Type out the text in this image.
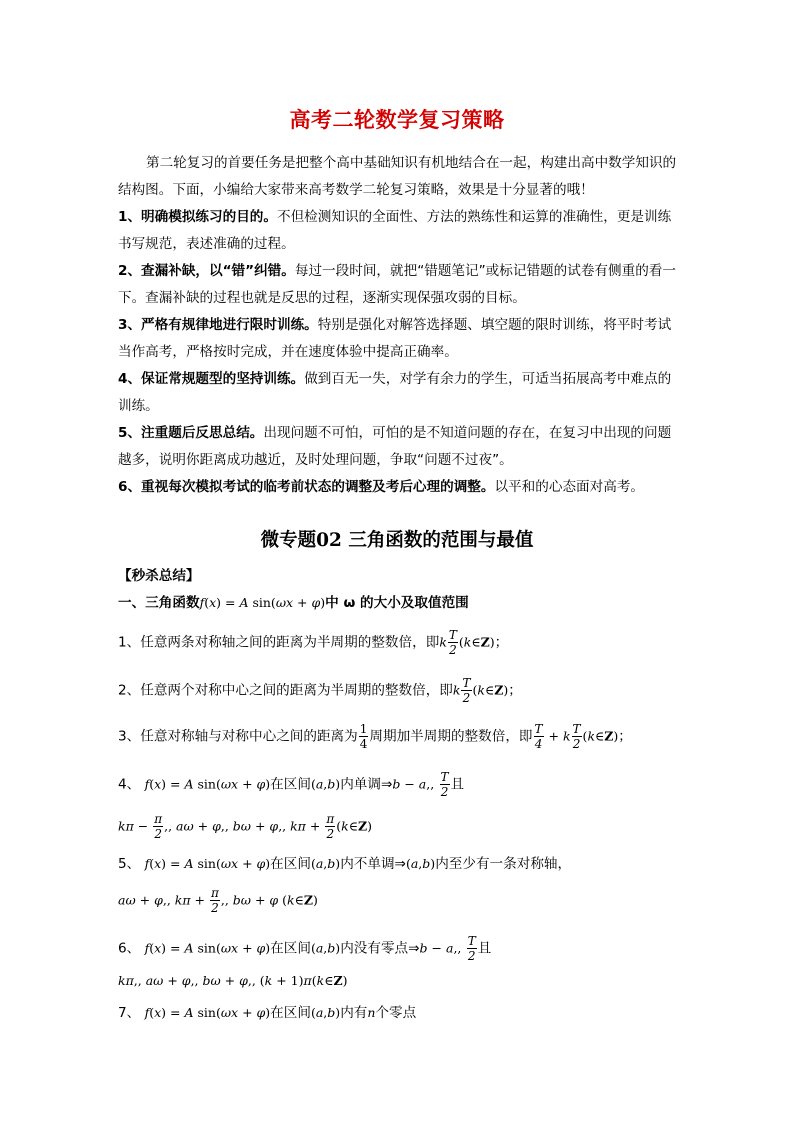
高考二轮数学复习策略
第二轮复习的首要任务是把整个高中基础知识有机地结合在一起，构建出高中数学知识的结构图。下面，小编给大家带来高考数学二轮复习策略，效果是十分显著的哦！
1、明确模拟练习的目的。不但检测知识的全面性、方法的熟练性和运算的准确性，更是训练书写规范，表述准确的过程。
2、查漏补缺，以“错”纠错。每过一段时间，就把“错题笔记”或标记错题的试卷有侧重的看一下。查漏补缺的过程也就是反思的过程，逐渐实现保强攻弱的目标。
3、严格有规律地进行限时训练。特别是强化对解答选择题、填空题的限时训练，将平时考试当作高考，严格按时完成，并在速度体验中提高正确率。
4、保证常规题型的坚持训练。做到百无一失，对学有余力的学生，可适当拓展高考中难点的训练。
5、注重题后反思总结。出现问题不可怕，可怕的是不知道问题的存在，在复习中出现的问题越多，说明你距离成功越近，及时处理问题，争取“问题不过夜”。
6、重视每次模拟考试的临考前状态的调整及考后心理的调整。以平和的心态面对高考。
微专题02 三角函数的范围与最值
【秒杀总结】
一、三角函数f(x) = A sin(ωx + φ)中 ω 的大小及取值范围
1、任意两条对称轴之间的距离为半周期的整数倍，即k $\frac{T}{2}$ (k∈Z)；
2、任意两个对称中心之间的距离为半周期的整数倍，即k $\frac{T}{2}$ (k∈Z)；
3、任意对称轴与对称中心之间的距离为 $\frac{1}{4}$ 周期加半周期的整数倍，即 $\frac{T}{4} + k \frac{T}{2}$ (k∈Z)；
4、 f(x) = A sin(ωx + φ)在区间(a,b)内单调⇒b − a,, $\frac{T}{2}$ 且
$k\pi - \frac{\pi}{2}$ ,, aω + φ,, bω + φ,, $k\pi + \frac{\pi}{2}$ (k∈Z)
5、 f(x) = A sin(ωx + φ)在区间(a,b)内不单调⇒(a,b)内至少有一条对称轴，
aω + φ,, $k\pi + \frac{\pi}{2}$ ,, bω + φ (k∈Z)
6、 f(x) = A sin(ωx + φ)在区间(a,b)内没有零点⇒b − a,, $\frac{T}{2}$ 且
kπ,, aω + φ,, bω + φ,, (k + 1)π(k∈Z)
7、 f(x) = A sin(ωx + φ)在区间(a,b)内有n个零点
